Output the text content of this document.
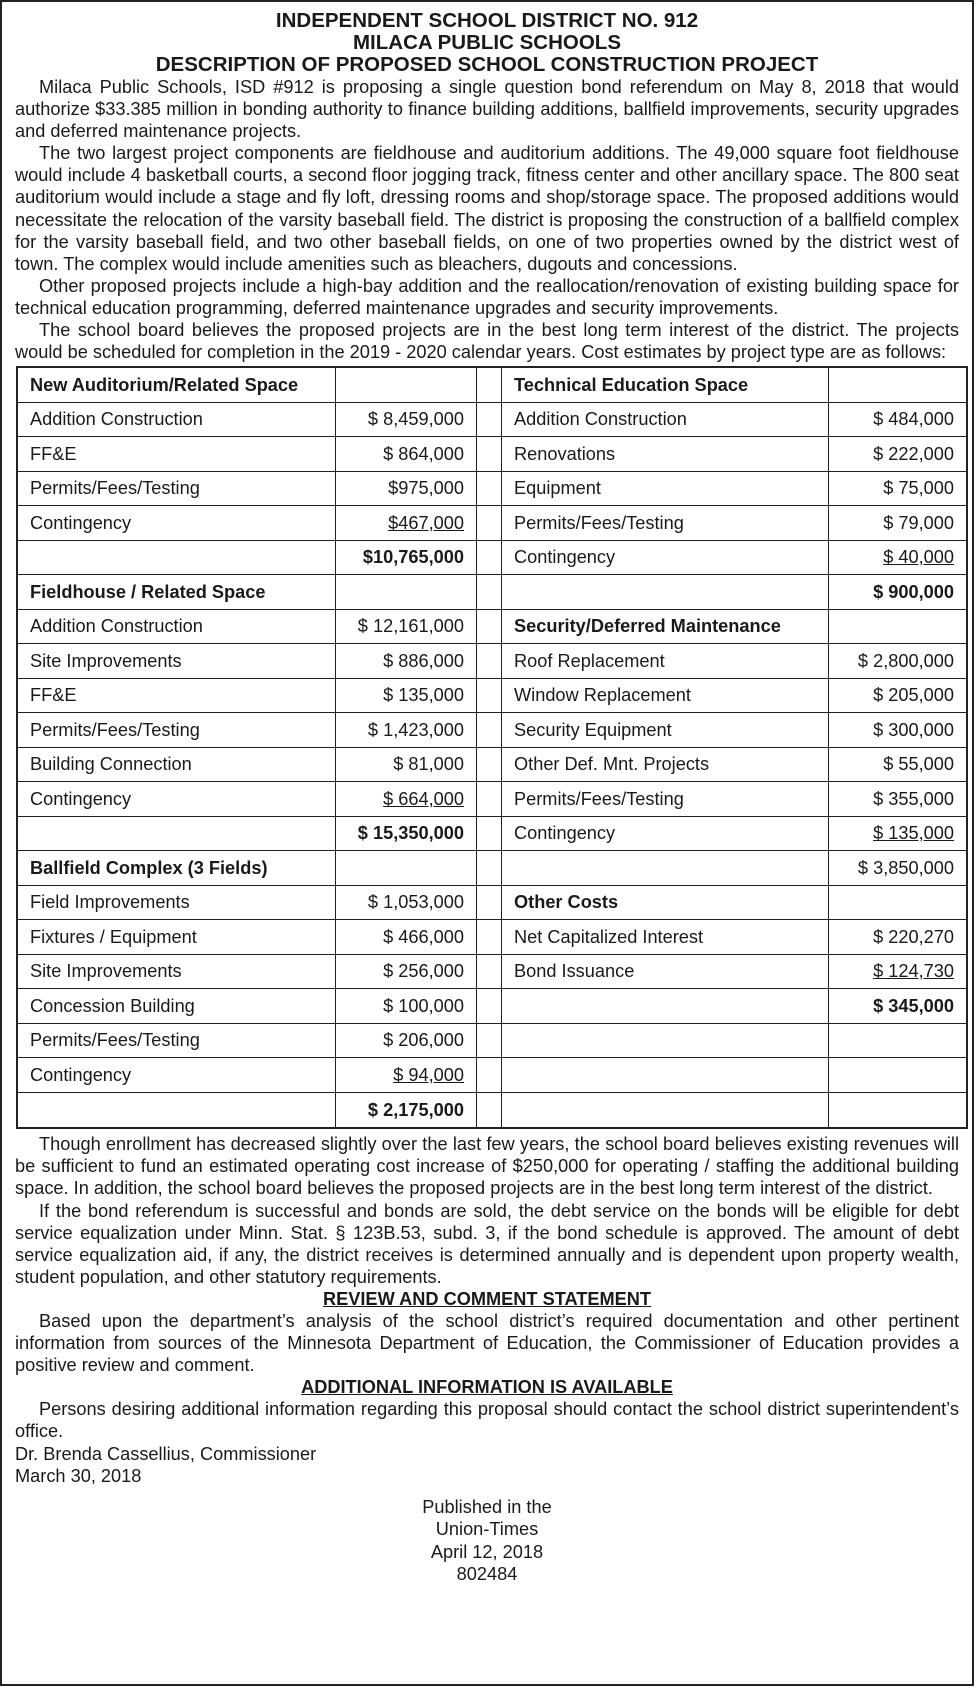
INDEPENDENT SCHOOL DISTRICT NO. 912
MILACA PUBLIC SCHOOLS
DESCRIPTION OF PROPOSED SCHOOL CONSTRUCTION PROJECT

Milaca Public Schools, ISD #912 is proposing a single question bond referendum on May 8, 2018 that would authorize $33.385 million in bonding authority to finance building additions, ballfield improvements, security upgrades and deferred maintenance projects.

The two largest project components are fieldhouse and auditorium additions. The 49,000 square foot fieldhouse would include 4 basketball courts, a second floor jogging track, fitness center and other ancillary space. The 800 seat auditorium would include a stage and fly loft, dressing rooms and shop/storage space. The proposed additions would necessitate the relocation of the varsity baseball field. The district is proposing the construction of a ballfield complex for the varsity baseball field, and two other baseball fields, on one of two properties owned by the district west of town. The complex would include amenities such as bleachers, dugouts and concessions.

Other proposed projects include a high-bay addition and the reallocation/renovation of existing building space for technical education programming, deferred maintenance upgrades and security improvements.

The school board believes the proposed projects are in the best long term interest of the district. The projects would be scheduled for completion in the 2019 - 2020 calendar years. Cost estimates by project type are as follows:

New Auditorium/Related Space			Technical Education Space	
Addition Construction	$ 8,459,000		Addition Construction	$ 484,000
FF&E	$ 864,000		Renovations	$ 222,000
Permits/Fees/Testing	$975,000		Equipment	$ 75,000
Contingency	$467,000		Permits/Fees/Testing	$ 79,000
	$10,765,000		Contingency	$ 40,000
Fieldhouse / Related Space				$ 900,000
Addition Construction	$ 12,161,000		Security/Deferred Maintenance	
Site Improvements	$ 886,000		Roof Replacement	$ 2,800,000
FF&E	$ 135,000		Window Replacement	$ 205,000
Permits/Fees/Testing	$ 1,423,000		Security Equipment	$ 300,000
Building Connection	$ 81,000		Other Def. Mnt. Projects	$ 55,000
Contingency	$ 664,000		Permits/Fees/Testing	$ 355,000
	$ 15,350,000		Contingency	$ 135,000
Ballfield Complex (3 Fields)				$ 3,850,000
Field Improvements	$ 1,053,000		Other Costs	
Fixtures / Equipment	$ 466,000		Net Capitalized Interest	$ 220,270
Site Improvements	$ 256,000		Bond Issuance	$ 124,730
Concession Building	$ 100,000			$ 345,000
Permits/Fees/Testing	$ 206,000			
Contingency	$ 94,000			
	$ 2,175,000			

Though enrollment has decreased slightly over the last few years, the school board believes existing revenues will be sufficient to fund an estimated operating cost increase of $250,000 for operating / staffing the additional building space. In addition, the school board believes the proposed projects are in the best long term interest of the district.

If the bond referendum is successful and bonds are sold, the debt service on the bonds will be eligible for debt service equalization under Minn. Stat. § 123B.53, subd. 3, if the bond schedule is approved. The amount of debt service equalization aid, if any, the district receives is determined annually and is dependent upon property wealth, student population, and other statutory requirements.

REVIEW AND COMMENT STATEMENT

Based upon the department’s analysis of the school district’s required documentation and other pertinent information from sources of the Minnesota Department of Education, the Commissioner of Education provides a positive review and comment.

ADDITIONAL INFORMATION IS AVAILABLE

Persons desiring additional information regarding this proposal should contact the school district superintendent’s office.

Dr. Brenda Cassellius, Commissioner
March 30, 2018
Published in the
Union-Times
April 12, 2018
802484
